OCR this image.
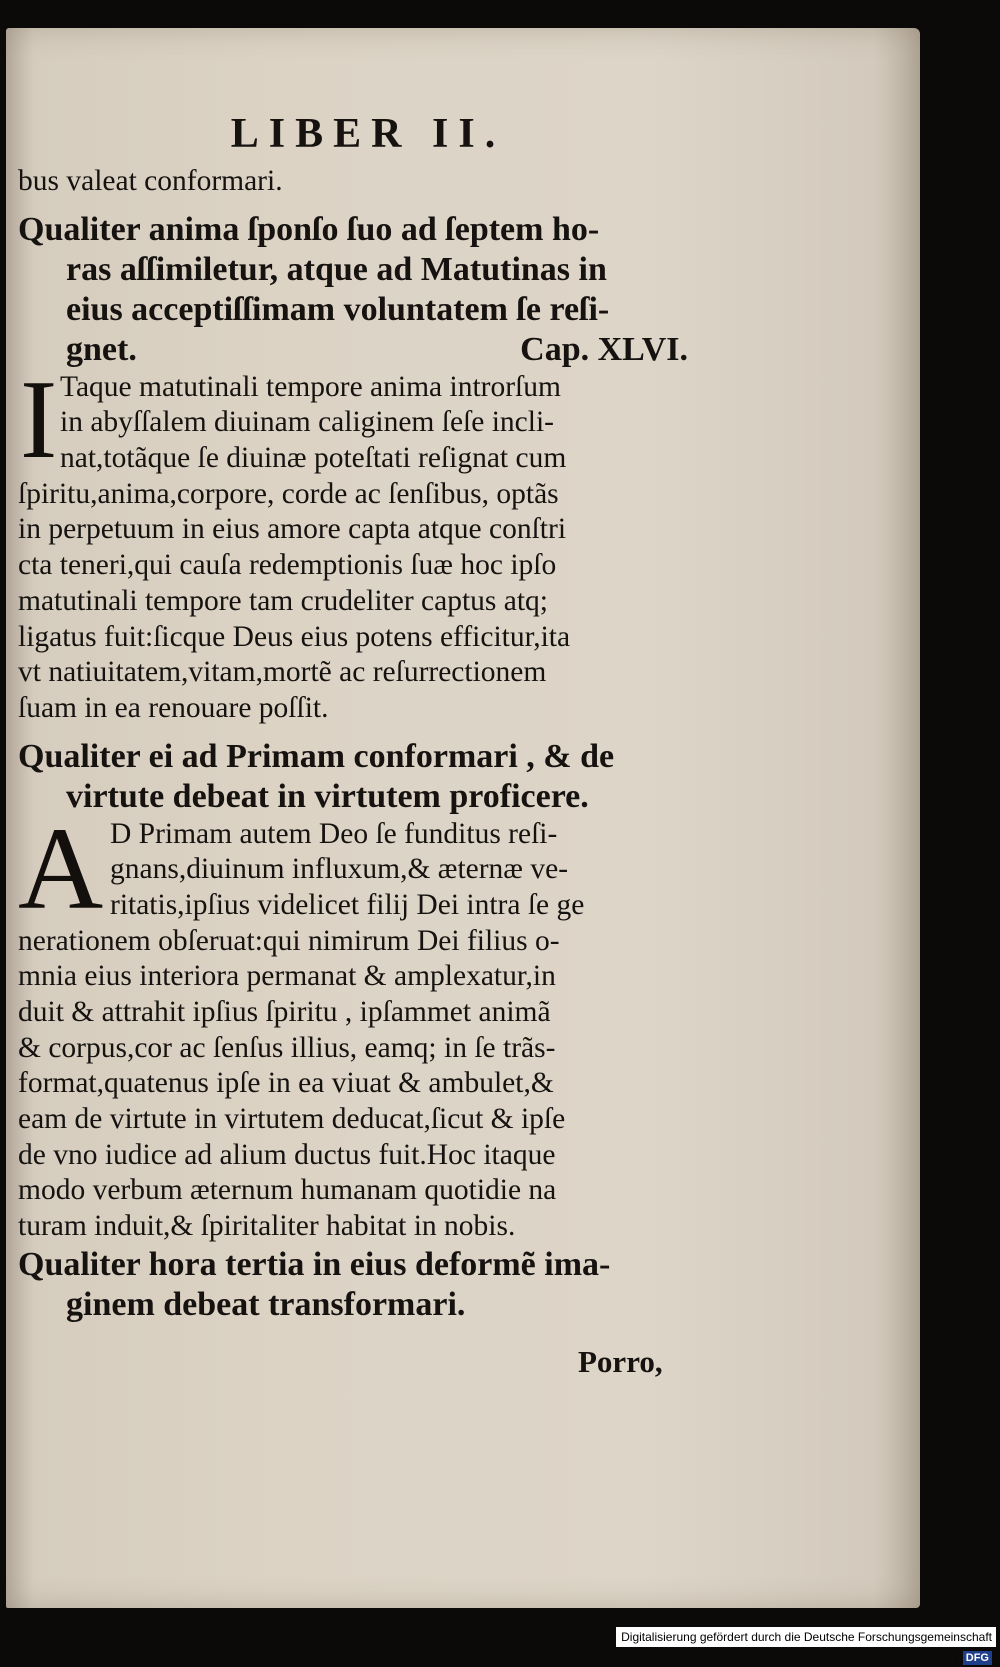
LIBER II.
bus valeat conformari.
Qualiter anima ſponſo ſuo ad ſeptem ho-
ras aſſimiletur, atque ad Matutinas in
eius acceptiſſimam voluntatem ſe reſi-
gnet.	Cap. XLVI.
I Taque matutinali tempore anima introrſum
in abyſſalem diuinam caliginem ſeſe incli-
nat,totãque ſe diuinæ poteſtati reſignat cum
ſpiritu,anima,corpore, corde ac ſenſibus, optãs
in perpetuum in eius amore capta atque conſtri
cta teneri,qui cauſa redemptionis ſuæ hoc ipſo
matutinali tempore tam crudeliter captus atq;
ligatus fuit:ſicque Deus eius potens efficitur,ita
vt natiuitatem,vitam,mortẽ ac reſurrectionem
ſuam in ea renouare poſſit.
Qualiter ei ad Primam conformari , & de
virtute debeat in virtutem proficere.
A D Primam autem Deo ſe funditus reſi-
gnans,diuinum influxum,& æternæ ve-
ritatis,ipſius videlicet filij Dei intra ſe ge
nerationem obſeruat:qui nimirum Dei filius o-
mnia eius interiora permanat & amplexatur,in
duit & attrahit ipſius ſpiritu , ipſammet animã
& corpus,cor ac ſenſus illius, eamq; in ſe trãs-
format,quatenus ipſe in ea viuat & ambulet,&
eam de virtute in virtutem deducat,ſicut & ipſe
de vno iudice ad alium ductus fuit.Hoc itaque
modo verbum æternum humanam quotidie na
turam induit,& ſpiritaliter habitat in nobis.
Qualiter hora tertia in eius deformẽ ima-
ginem debeat transformari.
Porro,
Digitalisierung gefördert durch die Deutsche Forschungsgemeinschaft · DFG
